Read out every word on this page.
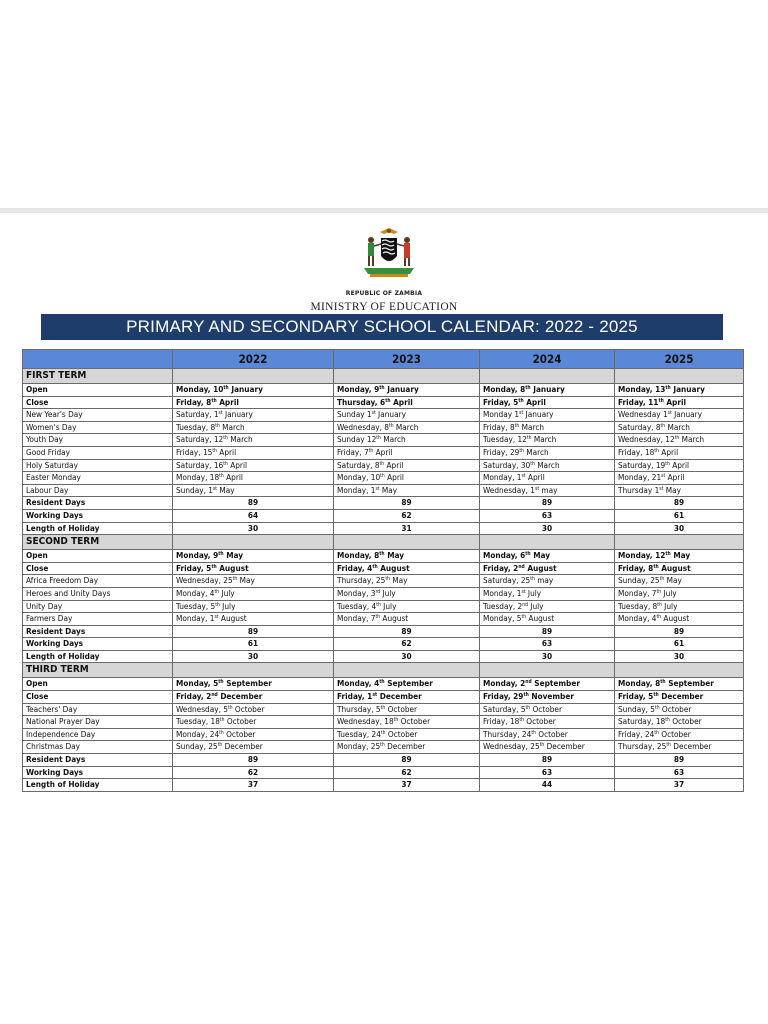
REPUBLIC OF ZAMBIA
MINISTRY OF EDUCATION
PRIMARY AND SECONDARY SCHOOL CALENDAR: 2022 - 2025
	2022	2023	2024	2025
FIRST TERM				
Open	Monday, 10th January	Monday, 9th January	Monday, 8th January	Monday, 13th January
Close	Friday, 8th April	Thursday, 6th April	Friday, 5th April	Friday, 11th April
New Year's Day	Saturday, 1st January	Sunday 1st January	Monday 1st January	Wednesday 1st January
Women's Day	Tuesday, 8th March	Wednesday, 8th March	Friday, 8th March	Saturday, 8th March
Youth Day	Saturday, 12th March	Sunday 12th March	Tuesday, 12th March	Wednesday, 12th March
Good Friday	Friday, 15th April	Friday, 7th April	Friday, 29th March	Friday, 18th April
Holy Saturday	Saturday, 16th April	Saturday, 8th April	Saturday, 30th March	Saturday, 19th April
Easter Monday	Monday, 18th April	Monday, 10th April	Monday, 1st April	Monday, 21st April
Labour Day	Sunday, 1st May	Monday, 1st May	Wednesday, 1st may	Thursday 1st May
Resident Days	89	89	89	89
Working Days	64	62	63	61
Length of Holiday	30	31	30	30
SECOND TERM				
Open	Monday, 9th May	Monday, 8th May	Monday, 6th May	Monday, 12th May
Close	Friday, 5th August	Friday, 4th August	Friday, 2nd August	Friday, 8th August
Africa Freedom Day	Wednesday, 25th May	Thursday, 25th May	Saturday, 25th may	Sunday, 25th May
Heroes and Unity Days	Monday, 4th July	Monday, 3rd July	Monday, 1st July	Monday, 7th July
Unity Day	Tuesday, 5th July	Tuesday, 4th July	Tuesday, 2nd July	Tuesday, 8th July
Farmers Day	Monday, 1st August	Monday, 7th August	Monday, 5th August	Monday, 4th August
Resident Days	89	89	89	89
Working Days	61	62	63	61
Length of Holiday	30	30	30	30
THIRD TERM				
Open	Monday, 5th September	Monday, 4th September	Monday, 2nd September	Monday, 8th September
Close	Friday, 2nd December	Friday, 1st December	Friday, 29th November	Friday, 5th December
Teachers' Day	Wednesday, 5th October	Thursday, 5th October	Saturday, 5th October	Sunday, 5th October
National Prayer Day	Tuesday, 18th October	Wednesday, 18th October	Friday, 18th October	Saturday, 18th October
Independence Day	Monday, 24th October	Tuesday, 24th October	Thursday, 24th October	Friday, 24th October
Christmas Day	Sunday, 25th December	Monday, 25th December	Wednesday, 25th December	Thursday, 25th December
Resident Days	89	89	89	89
Working Days	62	62	63	63
Length of Holiday	37	37	44	37
